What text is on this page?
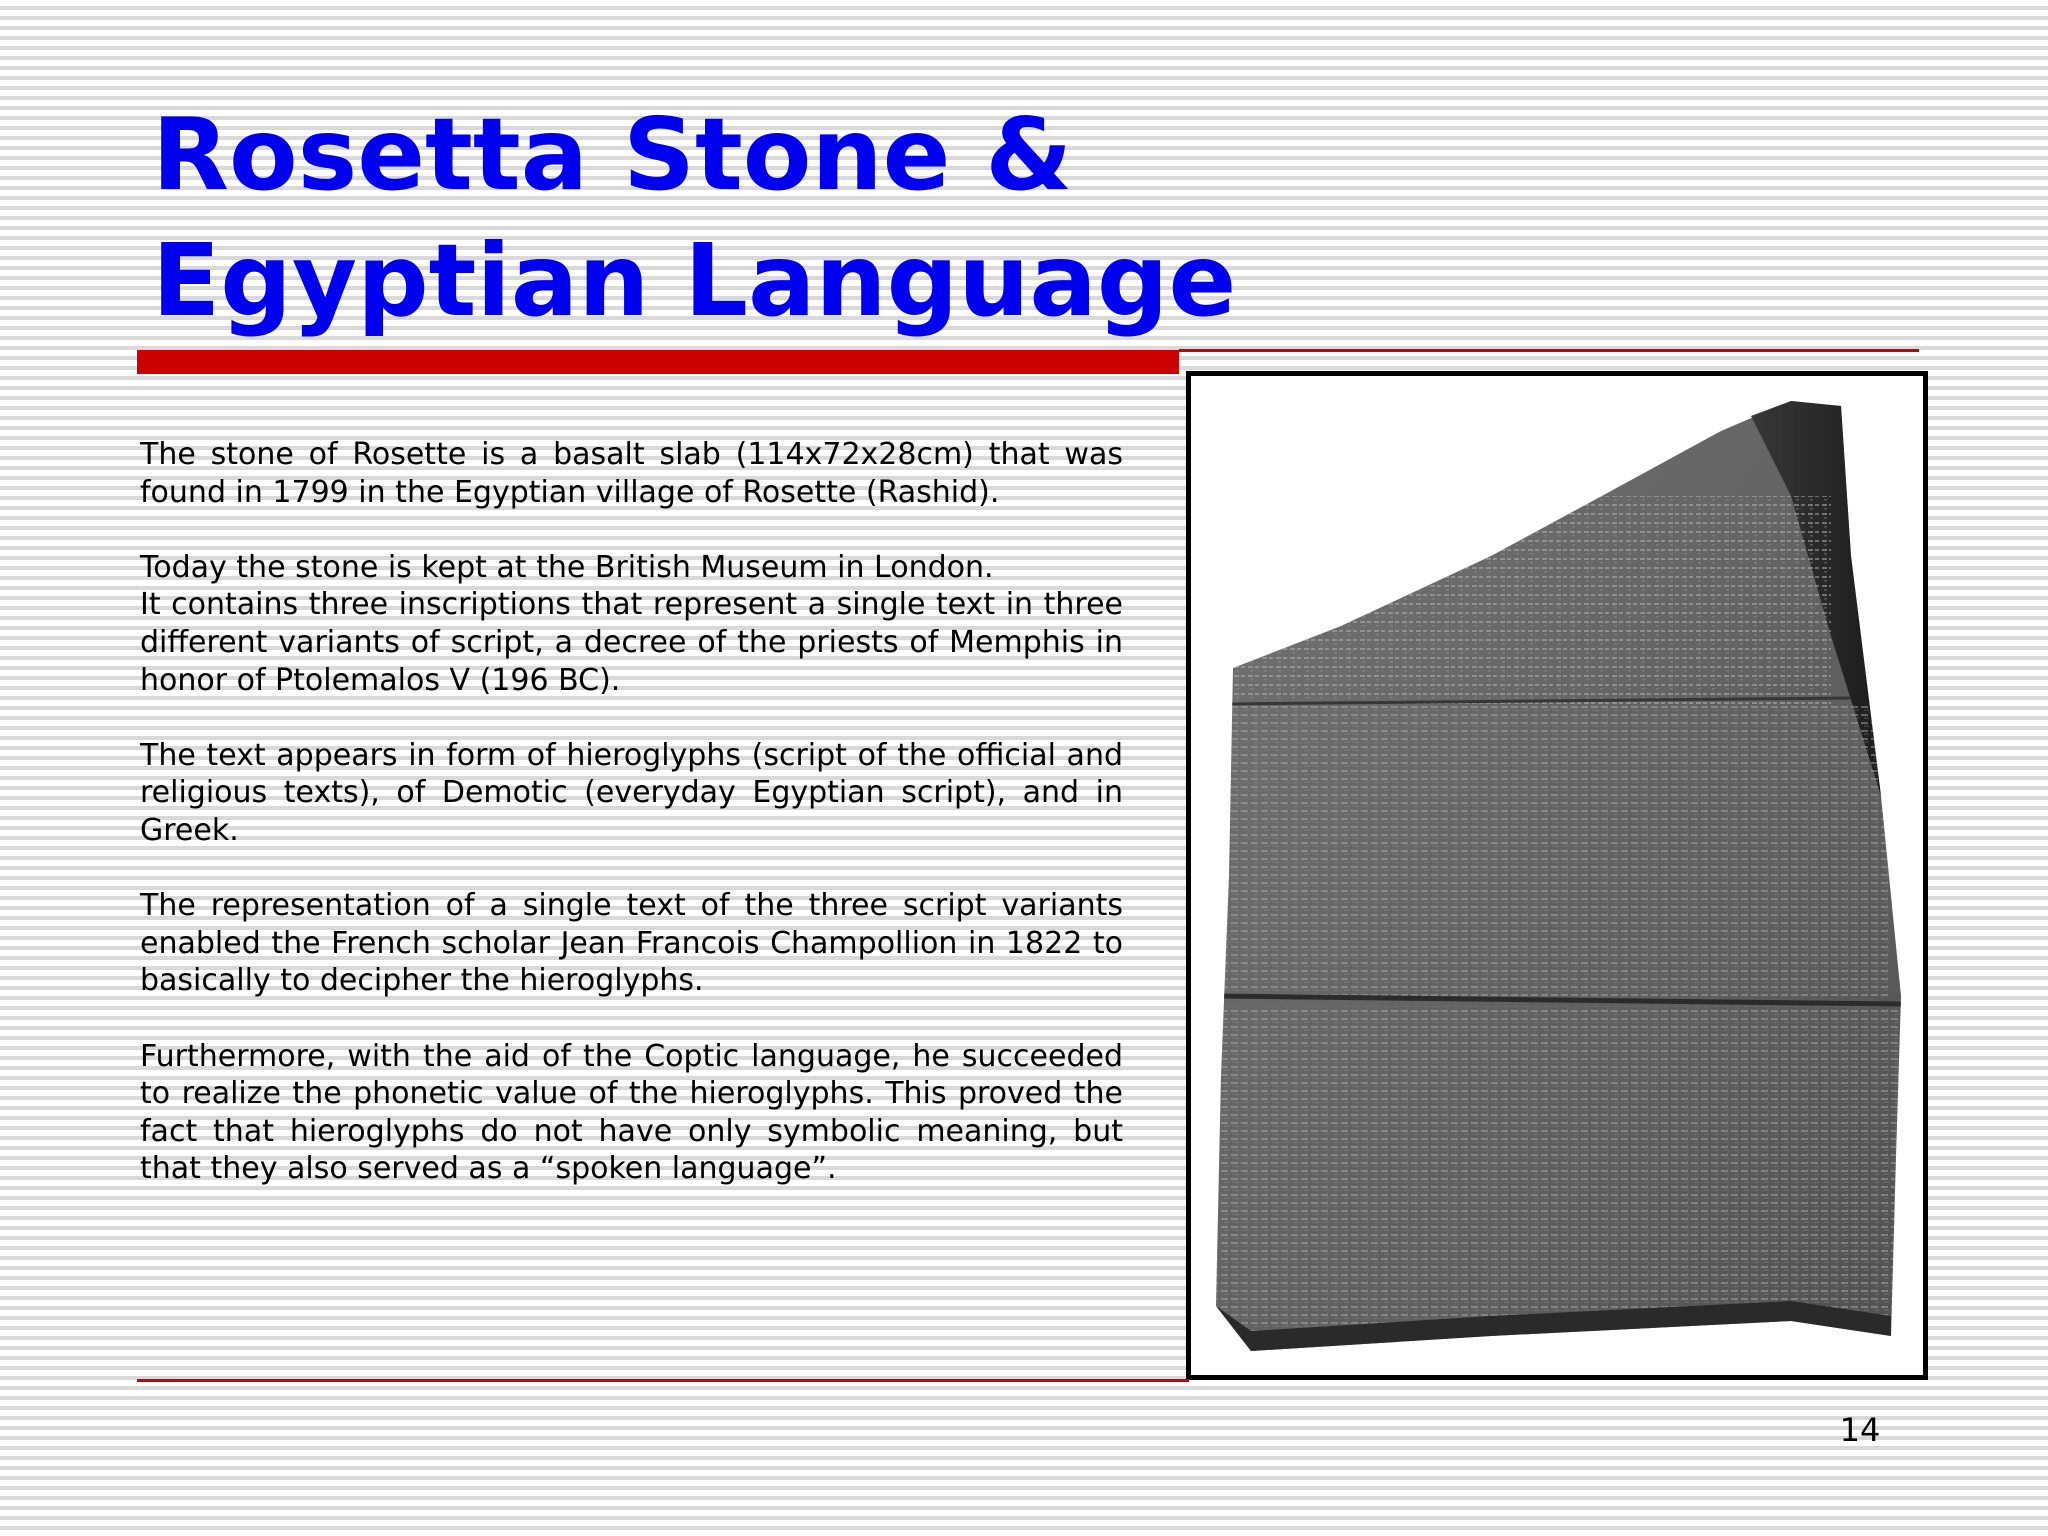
Rosetta Stone &
Egyptian Language

The stone of Rosette is a basalt slab (114x72x28cm) that was found in 1799 in the Egyptian village of Rosette (Rashid).

Today the stone is kept at the British Museum in London.

It contains three inscriptions that represent a single text in three different variants of script, a decree of the priests of Memphis in honor of Ptolemalos V (196 BC).

The text appears in form of hieroglyphs (script of the official and religious texts), of Demotic (everyday Egyptian script), and in Greek.

The representation of a single text of the three script variants enabled the French scholar Jean Francois Champollion in 1822 to basically to decipher the hieroglyphs.

Furthermore, with the aid of the Coptic language, he succeeded to realize the phonetic value of the hieroglyphs. This proved the fact that hieroglyphs do not have only symbolic meaning, but that they also served as a “spoken language”.

14
